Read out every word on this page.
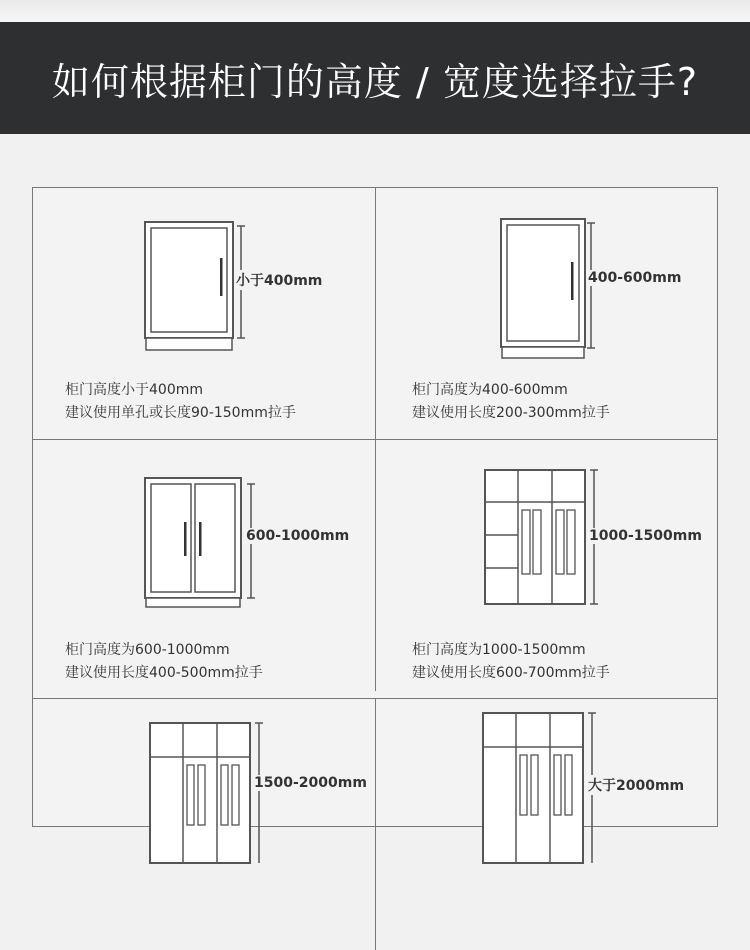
如何根据柜门的高度 / 宽度选择拉手?
小于400mm
柜门高度小于400mm
建议使用单孔或长度90-150mm拉手
400-600mm
柜门高度为400-600mm
建议使用长度200-300mm拉手
600-1000mm
柜门高度为600-1000mm
建议使用长度400-500mm拉手
1000-1500mm
柜门高度为1000-1500mm
建议使用长度600-700mm拉手
1500-2000mm	大于2000mm
